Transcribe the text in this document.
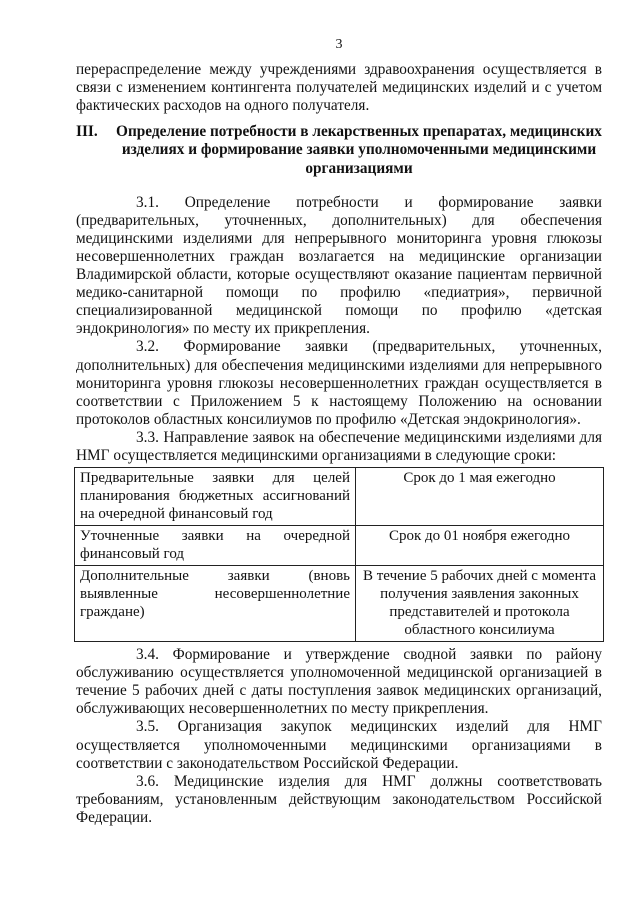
3

перераспределение между учреждениями здравоохранения осуществляется в связи с изменением контингента получателей медицинских изделий и с учетом фактических расходов на одного получателя.

III.	Определение потребности в лекарственных препаратах, медицинских изделиях и формирование заявки уполномоченными медицинскими организациями

3.1. Определение потребности и формирование заявки (предварительных, уточненных, дополнительных) для обеспечения медицинскими изделиями для непрерывного мониторинга уровня глюкозы несовершеннолетних граждан возлагается на медицинские организации Владимирской области, которые осуществляют оказание пациентам первичной медико-санитарной помощи по профилю «педиатрия», первичной специализированной медицинской помощи по профилю «детская эндокринология» по месту их прикрепления.

3.2. Формирование заявки (предварительных, уточненных, дополнительных) для обеспечения медицинскими изделиями для непрерывного мониторинга уровня глюкозы несовершеннолетних граждан осуществляется в соответствии с Приложением 5 к настоящему Положению на основании протоколов областных консилиумов по профилю «Детская эндокринология».

3.3. Направление заявок на обеспечение медицинскими изделиями для НМГ осуществляется медицинскими организациями в следующие сроки:

Предварительные заявки для целей планирования бюджетных ассигнований на очередной финансовый год	Срок до 1 мая ежегодно
Уточненные заявки на очередной финансовый год	Срок до 01 ноября ежегодно
Дополнительные заявки (вновь выявленные несовершеннолетние граждане)	В течение 5 рабочих дней с момента получения заявления законных представителей и протокола областного консилиума

3.4. Формирование и утверждение сводной заявки по району обслуживанию осуществляется уполномоченной медицинской организацией в течение 5 рабочих дней с даты поступления заявок медицинских организаций, обслуживающих несовершеннолетних по месту прикрепления.

3.5. Организация закупок медицинских изделий для НМГ осуществляется уполномоченными медицинскими организациями в соответствии с законодательством Российской Федерации.

3.6. Медицинские изделия для НМГ должны соответствовать требованиям, установленным действующим законодательством Российской Федерации.
